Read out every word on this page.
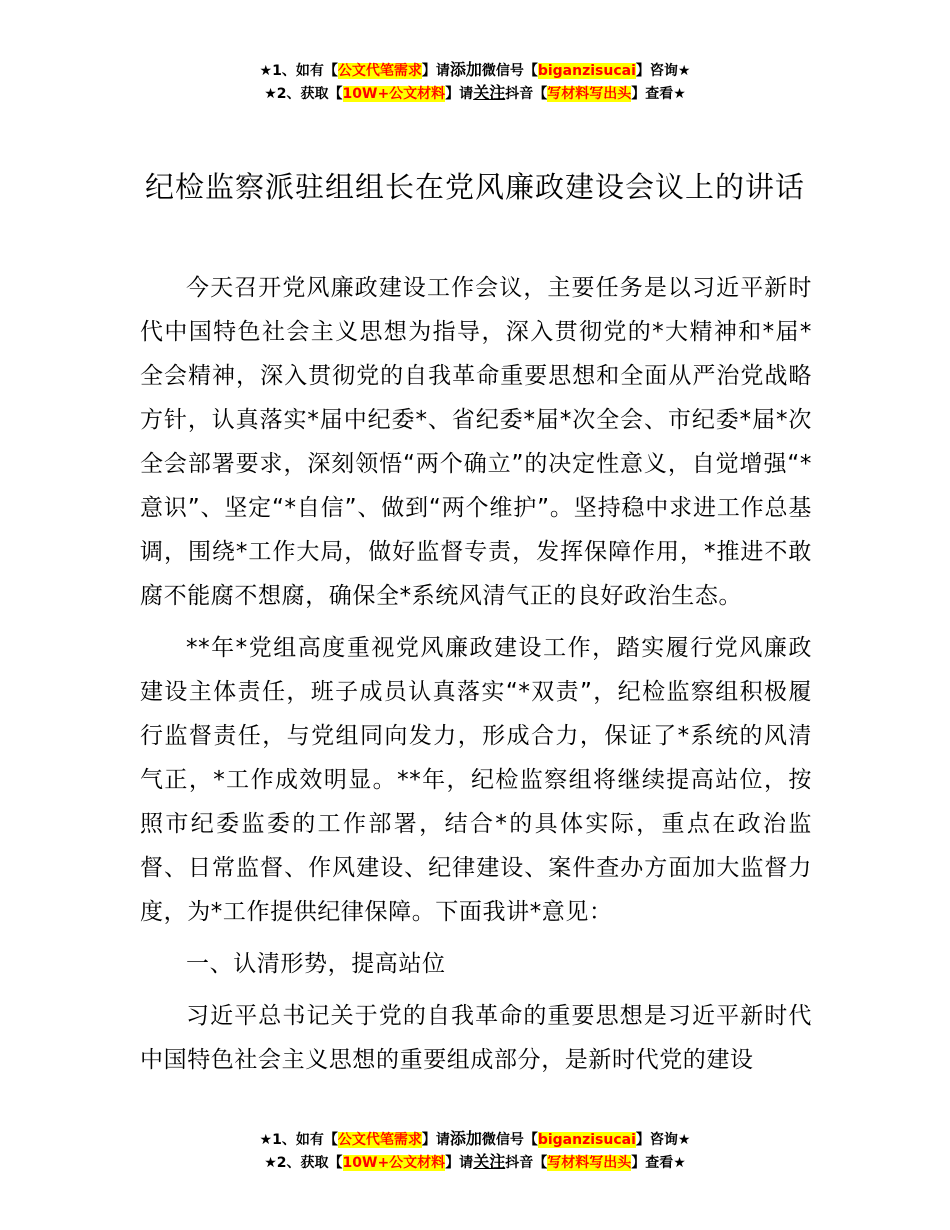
★1、如有【公文代笔需求】请添加微信号【biganzisucai】咨询★
★2、获取【10W+公文材料】请关注抖音【写材料写出头】查看★
纪检监察派驻组组长在党风廉政建设会议上的讲话

今天召开党风廉政建设工作会议，主要任务是以习近平新时代中国特色社会主义思想为指导，深入贯彻党的*大精神和*届*全会精神，深入贯彻党的自我革命重要思想和全面从严治党战略方针，认真落实*届中纪委*、省纪委*届*次全会、市纪委*届*次全会部署要求，深刻领悟“两个确立”的决定性意义，自觉增强“*意识”、坚定“*自信”、做到“两个维护”。坚持稳中求进工作总基调，围绕*工作大局，做好监督专责，发挥保障作用，*推进不敢腐不能腐不想腐，确保全*系统风清气正的良好政治生态。

**年*党组高度重视党风廉政建设工作，踏实履行党风廉政建设主体责任，班子成员认真落实“*双责”，纪检监察组积极履行监督责任，与党组同向发力，形成合力，保证了*系统的风清气正，*工作成效明显。**年，纪检监察组将继续提高站位，按照市纪委监委的工作部署，结合*的具体实际，重点在政治监督、日常监督、作风建设、纪律建设、案件查办方面加大监督力度，为*工作提供纪律保障。下面我讲*意见：

一、认清形势，提高站位

习近平总书记关于党的自我革命的重要思想是习近平新时代中国特色社会主义思想的重要组成部分，是新时代党的建设

★1、如有【公文代笔需求】请添加微信号【biganzisucai】咨询★
★2、获取【10W+公文材料】请关注抖音【写材料写出头】查看★
